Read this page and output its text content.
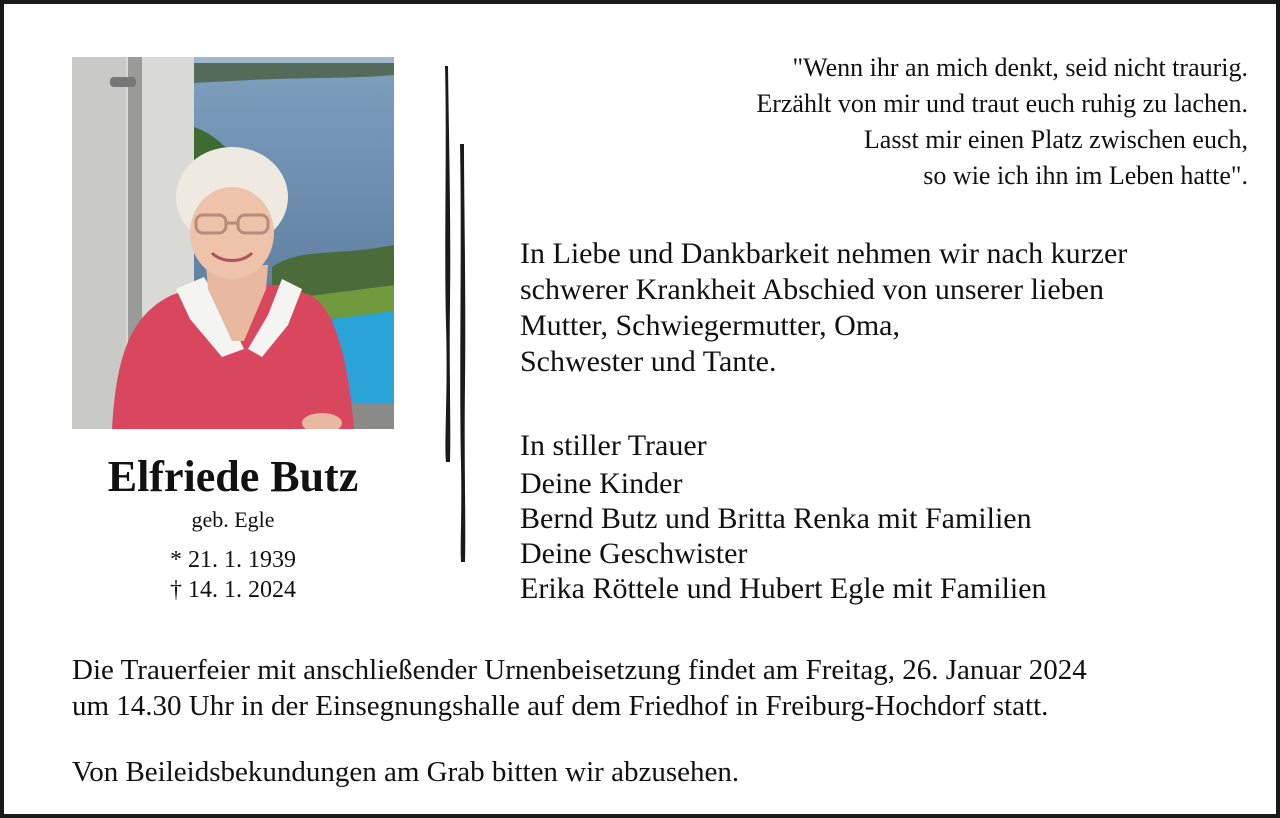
Elfriede Butz
geb. Egle
* 21. 1. 1939
† 14. 1. 2024
"Wenn ihr an mich denkt, seid nicht traurig.
Erzählt von mir und traut euch ruhig zu lachen.
Lasst mir einen Platz zwischen euch,
so wie ich ihn im Leben hatte".
In Liebe und Dankbarkeit nehmen wir nach kurzer
schwerer Krankheit Abschied von unserer lieben
Mutter, Schwiegermutter, Oma,
Schwester und Tante.
In stiller Trauer
Deine Kinder
Bernd Butz und Britta Renka mit Familien
Deine Geschwister
Erika Röttele und Hubert Egle mit Familien
Die Trauerfeier mit anschließender Urnenbeisetzung findet am Freitag, 26. Januar 2024
um 14.30 Uhr in der Einsegnungshalle auf dem Friedhof in Freiburg-Hochdorf statt.
Von Beileidsbekundungen am Grab bitten wir abzusehen.
